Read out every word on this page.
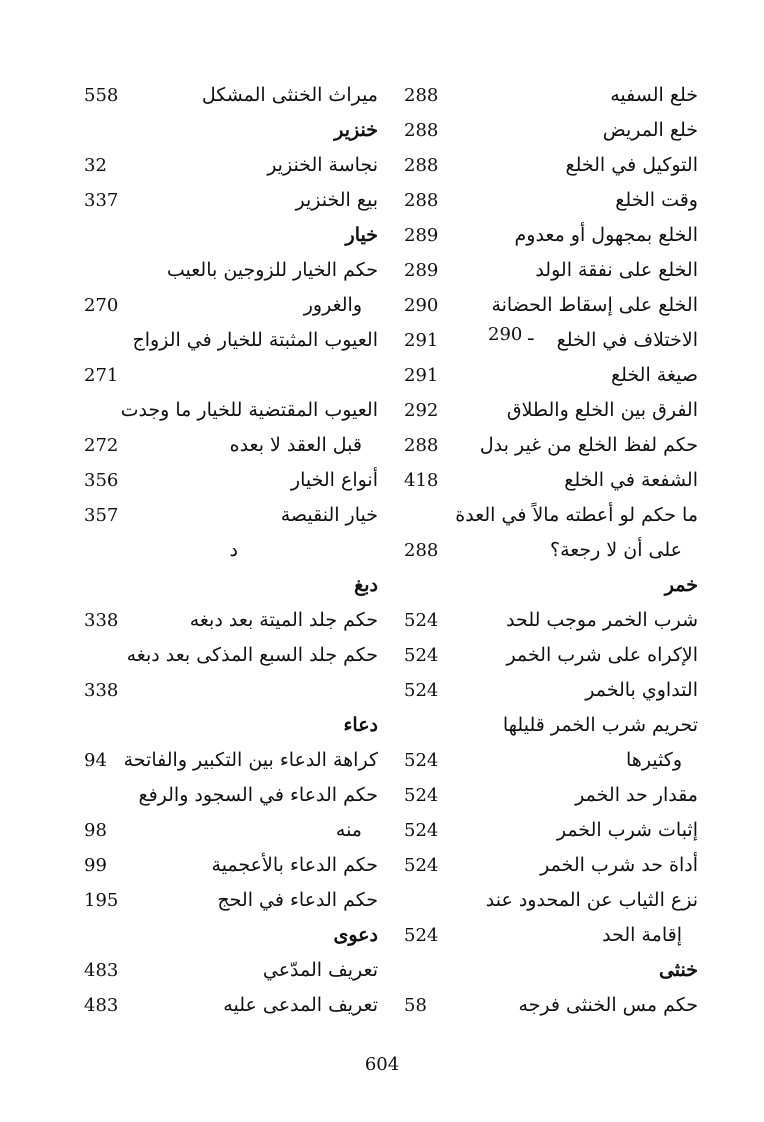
خلع السفيه
288
خلع المريض
288
التوكيل في الخلع
288
وقت الخلع
288
الخلع بمجهول أو معدوم
289
الخلع على نفقة الولد
289
الخلع على إسقاط الحضانة
290
الاختلاف في الخلع
291	290 ـ
صيغة الخلع
291
الفرق بين الخلع والطلاق
292
حكم لفظ الخلع من غير بدل
288
الشفعة في الخلع
418
ما حكم لو أعطته مالاً في العدة
على أن لا رجعة؟
288
خمر
شرب الخمر موجب للحد
524
الإكراه على شرب الخمر
524
التداوي بالخمر
524
تحريم شرب الخمر قليلها
وكثيرها
524
مقدار حد الخمر
524
إثبات شرب الخمر
524
أداة حد شرب الخمر
524
نزع الثياب عن المحدود عند
إقامة الحد
524
خنثى
حكم مس الخنثى فرجه
58
ميراث الخنثى المشكل
558
خنزير
نجاسة الخنزير
32
بيع الخنزير
337
خيار
حكم الخيار للزوجين بالعيب
والغرور
270
العيوب المثبتة للخيار في الزواج
271
العيوب المقتضية للخيار ما وجدت
قبل العقد لا بعده
272
أنواع الخيار
356
خيار النقيصة
357
د
دبغ
حكم جلد الميتة بعد دبغه
338
حكم جلد السبع المذكى بعد دبغه
338
دعاء
كراهة الدعاء بين التكبير والفاتحة
94
حكم الدعاء في السجود والرفع
منه
98
حكم الدعاء بالأعجمية
99
حكم الدعاء في الحج
195
دعوى
تعريف المدّعي
483
تعريف المدعى عليه
483
604
